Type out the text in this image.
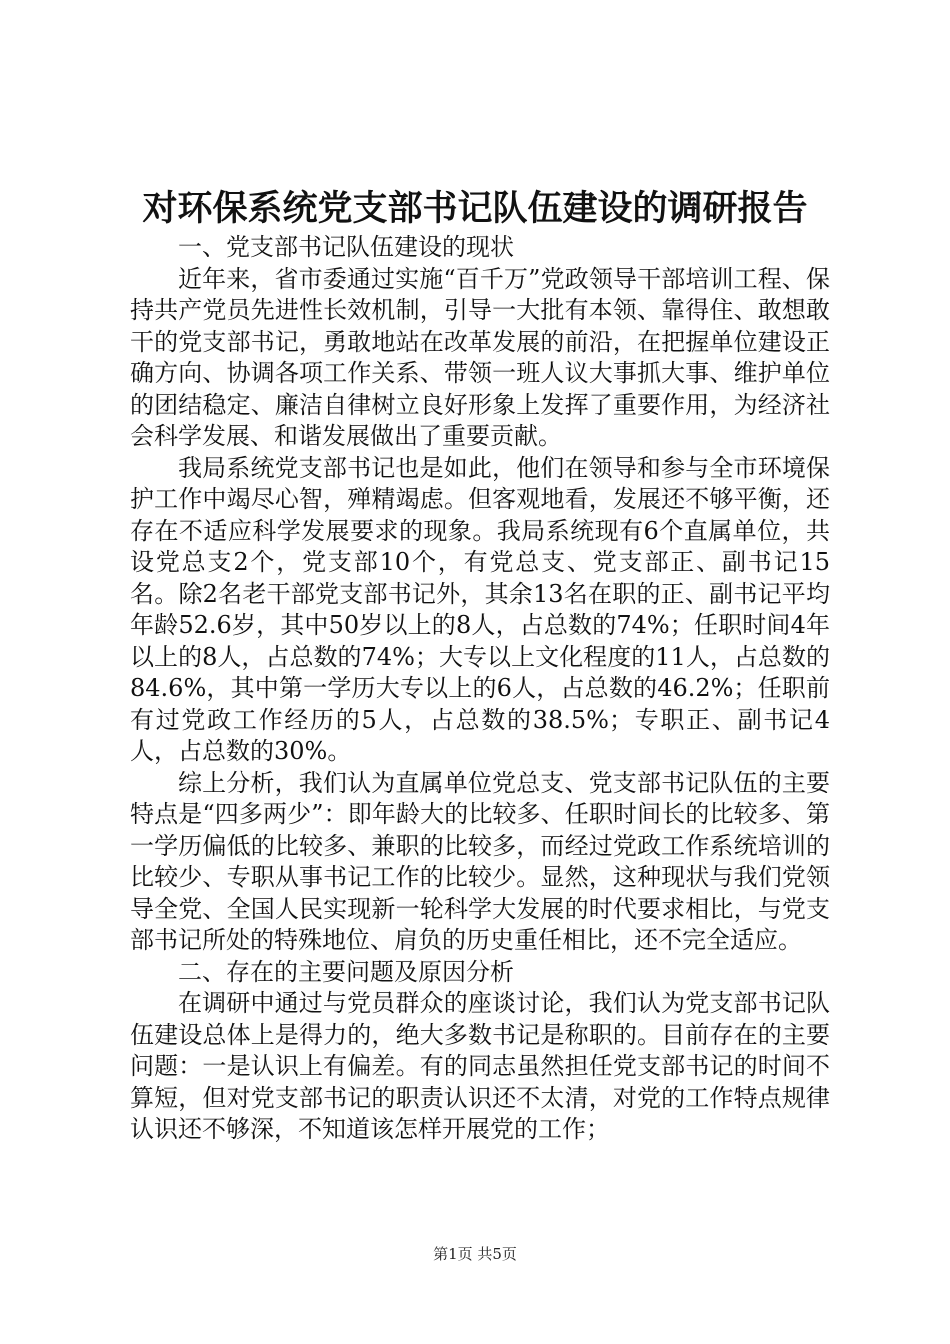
对环保系统党支部书记队伍建设的调研报告

一、党支部书记队伍建设的现状

近年来，省市委通过实施“百千万”党政领导干部培训工程、保持共产党员先进性长效机制，引导一大批有本领、靠得住、敢想敢干的党支部书记，勇敢地站在改革发展的前沿，在把握单位建设正确方向、协调各项工作关系、带领一班人议大事抓大事、维护单位的团结稳定、廉洁自律树立良好形象上发挥了重要作用，为经济社会科学发展、和谐发展做出了重要贡献。

我局系统党支部书记也是如此，他们在领导和参与全市环境保护工作中竭尽心智，殚精竭虑。但客观地看，发展还不够平衡，还存在不适应科学发展要求的现象。我局系统现有6个直属单位，共设党总支2个，党支部10个，有党总支、党支部正、副书记15名。除2名老干部党支部书记外，其余13名在职的正、副书记平均年龄52.6岁，其中50岁以上的8人，占总数的74%；任职时间4年以上的8人，占总数的74%；大专以上文化程度的11人，占总数的84.6%，其中第一学历大专以上的6人，占总数的46.2%；任职前有过党政工作经历的5人，占总数的38.5%；专职正、副书记4人，占总数的30%。

综上分析，我们认为直属单位党总支、党支部书记队伍的主要特点是“四多两少”：即年龄大的比较多、任职时间长的比较多、第一学历偏低的比较多、兼职的比较多，而经过党政工作系统培训的比较少、专职从事书记工作的比较少。显然，这种现状与我们党领导全党、全国人民实现新一轮科学大发展的时代要求相比，与党支部书记所处的特殊地位、肩负的历史重任相比，还不完全适应。

二、存在的主要问题及原因分析

在调研中通过与党员群众的座谈讨论，我们认为党支部书记队伍建设总体上是得力的，绝大多数书记是称职的。目前存在的主要问题：一是认识上有偏差。有的同志虽然担任党支部书记的时间不算短，但对党支部书记的职责认识还不太清，对党的工作特点规律认识还不够深，不知道该怎样开展党的工作；

第1页 共5页
